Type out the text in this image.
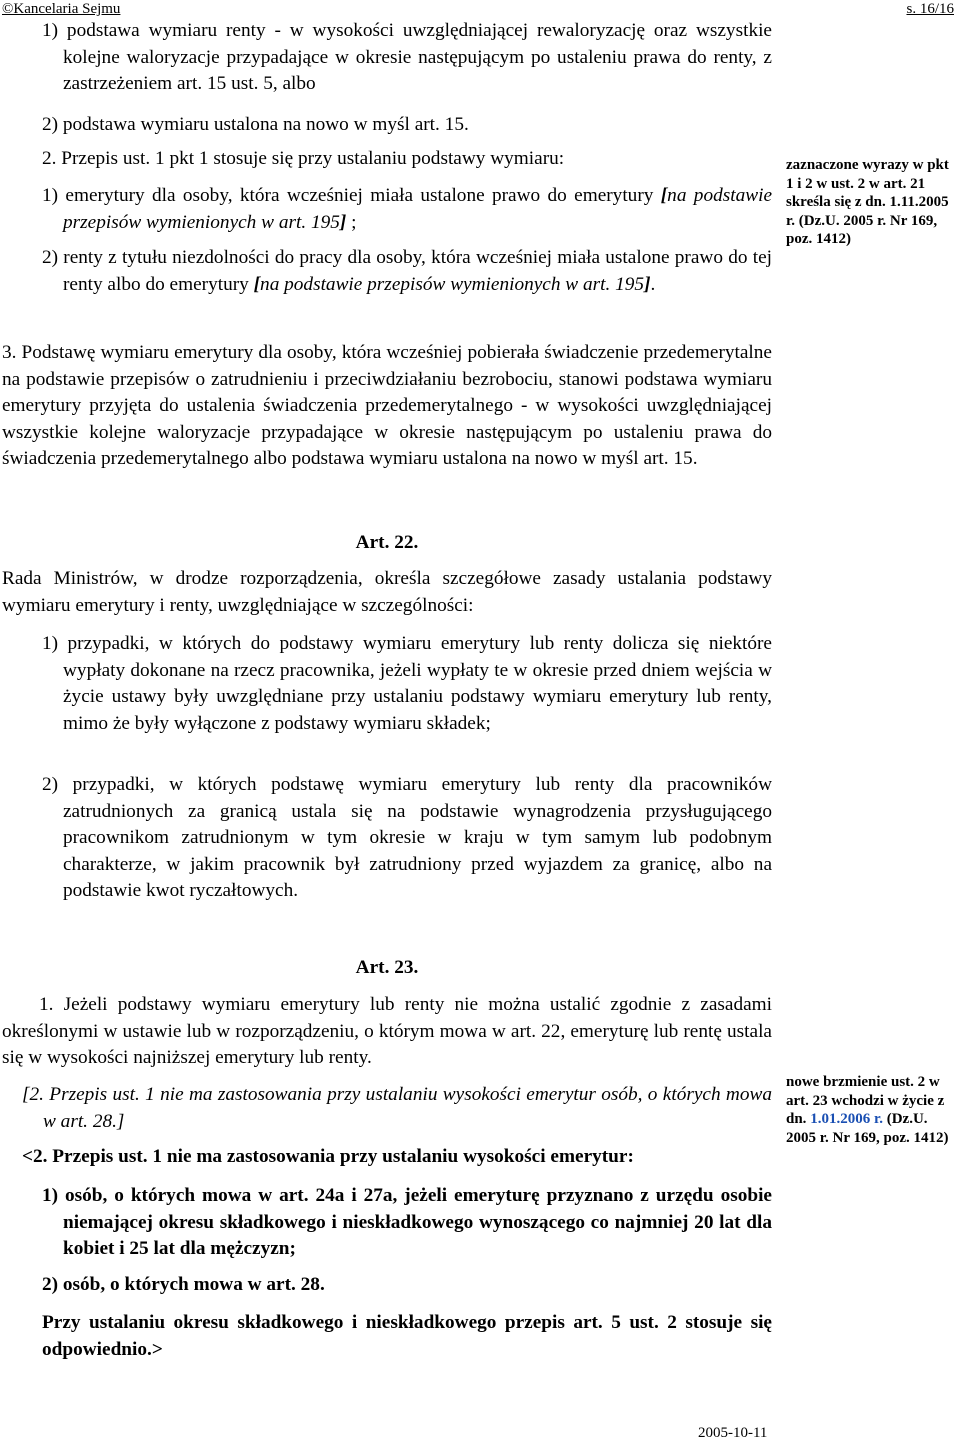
©Kancelaria Sejmu	s. 16/16
1) podstawa wymiaru renty - w wysokości uwzględniającej rewaloryzację oraz wszystkie kolejne waloryzacje przypadające w okresie następującym po ustaleniu prawa do renty, z zastrzeżeniem art. 15 ust. 5, albo
2) podstawa wymiaru ustalona na nowo w myśl art. 15.
2. Przepis ust. 1 pkt 1 stosuje się przy ustalaniu podstawy wymiaru:
1) emerytury dla osoby, która wcześniej miała ustalone prawo do emerytury [na podstawie przepisów wymienionych w art. 195] ;
2) renty z tytułu niezdolności do pracy dla osoby, która wcześniej miała ustalone prawo do tej renty albo do emerytury [na podstawie przepisów wymienionych w art. 195].
zaznaczone wyrazy w pkt 1 i 2 w ust. 2 w art. 21 skreśla się z dn. 1.11.2005 r. (Dz.U. 2005 r. Nr 169, poz. 1412)
3. Podstawę wymiaru emerytury dla osoby, która wcześniej pobierała świadczenie przedemerytalne na podstawie przepisów o zatrudnieniu i przeciwdziałaniu bezrobociu, stanowi podstawa wymiaru emerytury przyjęta do ustalenia świadczenia przedemerytalnego - w wysokości uwzględniającej wszystkie kolejne waloryzacje przypadające w okresie następującym po ustaleniu prawa do świadczenia przedemerytalnego albo podstawa wymiaru ustalona na nowo w myśl art. 15.
Art. 22.
Rada Ministrów, w drodze rozporządzenia, określa szczegółowe zasady ustalania podstawy wymiaru emerytury i renty, uwzględniające w szczególności:
1) przypadki, w których do podstawy wymiaru emerytury lub renty dolicza się niektóre wypłaty dokonane na rzecz pracownika, jeżeli wypłaty te w okresie przed dniem wejścia w życie ustawy były uwzględniane przy ustalaniu podstawy wymiaru emerytury lub renty, mimo że były wyłączone z podstawy wymiaru składek;
2) przypadki, w których podstawę wymiaru emerytury lub renty dla pracowników zatrudnionych za granicą ustala się na podstawie wynagrodzenia przysługującego pracownikom zatrudnionym w tym okresie w kraju w tym samym lub podobnym charakterze, w jakim pracownik był zatrudniony przed wyjazdem za granicę, albo na podstawie kwot ryczałtowych.
Art. 23.
1. Jeżeli podstawy wymiaru emerytury lub renty nie można ustalić zgodnie z zasadami określonymi w ustawie lub w rozporządzeniu, o którym mowa w art. 22, emeryturę lub rentę ustala się w wysokości najniższej emerytury lub renty.
[2. Przepis ust. 1 nie ma zastosowania przy ustalaniu wysokości emerytur osób, o których mowa w art. 28.]
<2. Przepis ust. 1 nie ma zastosowania przy ustalaniu wysokości emerytur:
1) osób, o których mowa w art. 24a i 27a, jeżeli emeryturę przyznano z urzędu osobie niemającej okresu składkowego i nieskładkowego wynoszącego co najmniej 20 lat dla kobiet i 25 lat dla mężczyzn;
2) osób, o których mowa w art. 28.
Przy ustalaniu okresu składkowego i nieskładkowego przepis art. 5 ust. 2 stosuje się odpowiednio.>
nowe brzmienie ust. 2 w art. 23 wchodzi w życie z dn. 1.01.2006 r. (Dz.U. 2005 r. Nr 169, poz. 1412)
2005-10-11
